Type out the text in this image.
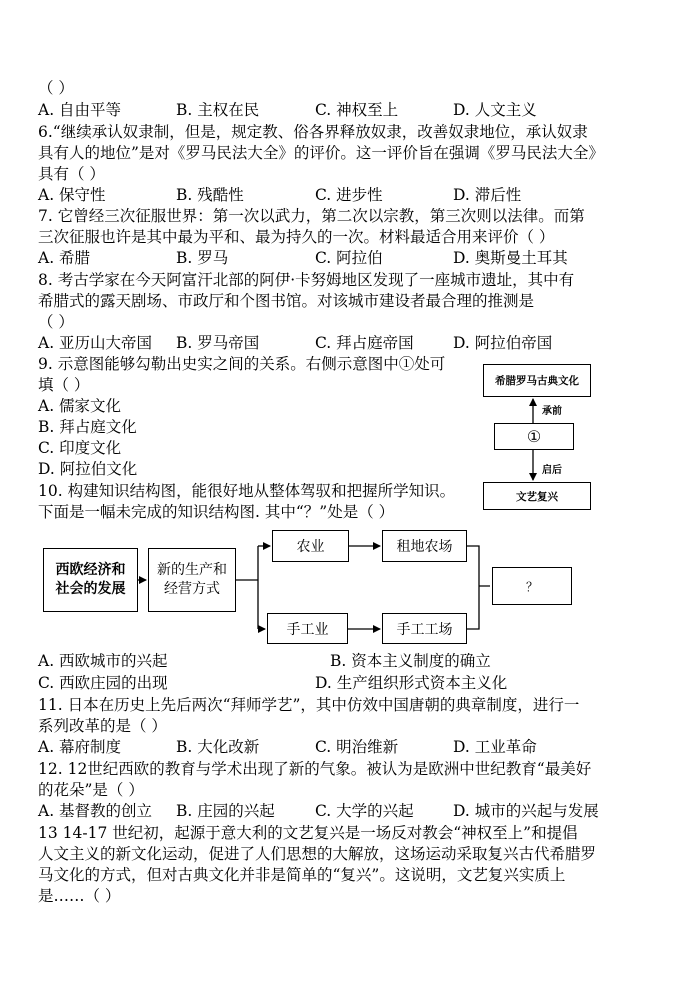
（ ）
A. 自由平等	B. 主权在民	C. 神权至上	D. 人文主义
6.“继续承认奴隶制，但是，规定教、俗各界释放奴隶，改善奴隶地位，承认奴隶
具有人的地位”是对《罗马民法大全》的评价。这一评价旨在强调《罗马民法大全》
具有（ ）
A. 保守性	B. 残酷性	C. 进步性	D. 滞后性
7. 它曾经三次征服世界：第一次以武力，第二次以宗教，第三次则以法律。而第
三次征服也许是其中最为平和、最为持久的一次。材料最适合用来评价（ ）
A. 希腊	B. 罗马	C. 阿拉伯	D. 奥斯曼土耳其
8. 考古学家在今天阿富汗北部的阿伊·卡努姆地区发现了一座城市遗址，其中有
希腊式的露天剧场、市政厅和个图书馆。对该城市建设者最合理的推测是
（ ）
A. 亚历山大帝国 B. 罗马帝国	C. 拜占庭帝国	D. 阿拉伯帝国
9. 示意图能够勾勒出史实之间的关系。右侧示意图中①处可
填（ ）
A. 儒家文化
B. 拜占庭文化
C. 印度文化
D. 阿拉伯文化
希腊罗马古典文化
①
文艺复兴
承前
启后
10. 构建知识结构图，能很好地从整体驾驭和把握所学知识。
下面是一幅未完成的知识结构图. 其中“？”处是（ ）
西欧经济和社会的发展
新的生产和经营方式
农业	租地农场
手工业	手工工场
？
A. 西欧城市的兴起	B. 资本主义制度的确立
C. 西欧庄园的出现	D. 生产组织形式资本主义化
11. 日本在历史上先后两次“拜师学艺”，其中仿效中国唐朝的典章制度，进行一
系列改革的是（ ）
A. 幕府制度	B. 大化改新	C. 明治维新	D. 工业革命
12. 12世纪西欧的教育与学术出现了新的气象。被认为是欧洲中世纪教育“最美好
的花朵”是（ ）
A. 基督教的创立 B. 庄园的兴起	C. 大学的兴起	D. 城市的兴起与发展
13 14-17 世纪初，起源于意大利的文艺复兴是一场反对教会“神权至上”和提倡
人文主义的新文化运动，促进了人们思想的大解放，这场运动采取复兴古代希腊罗
马文化的方式，但对古典文化并非是简单的“复兴”。这说明，文艺复兴实质上
是……（ ）
